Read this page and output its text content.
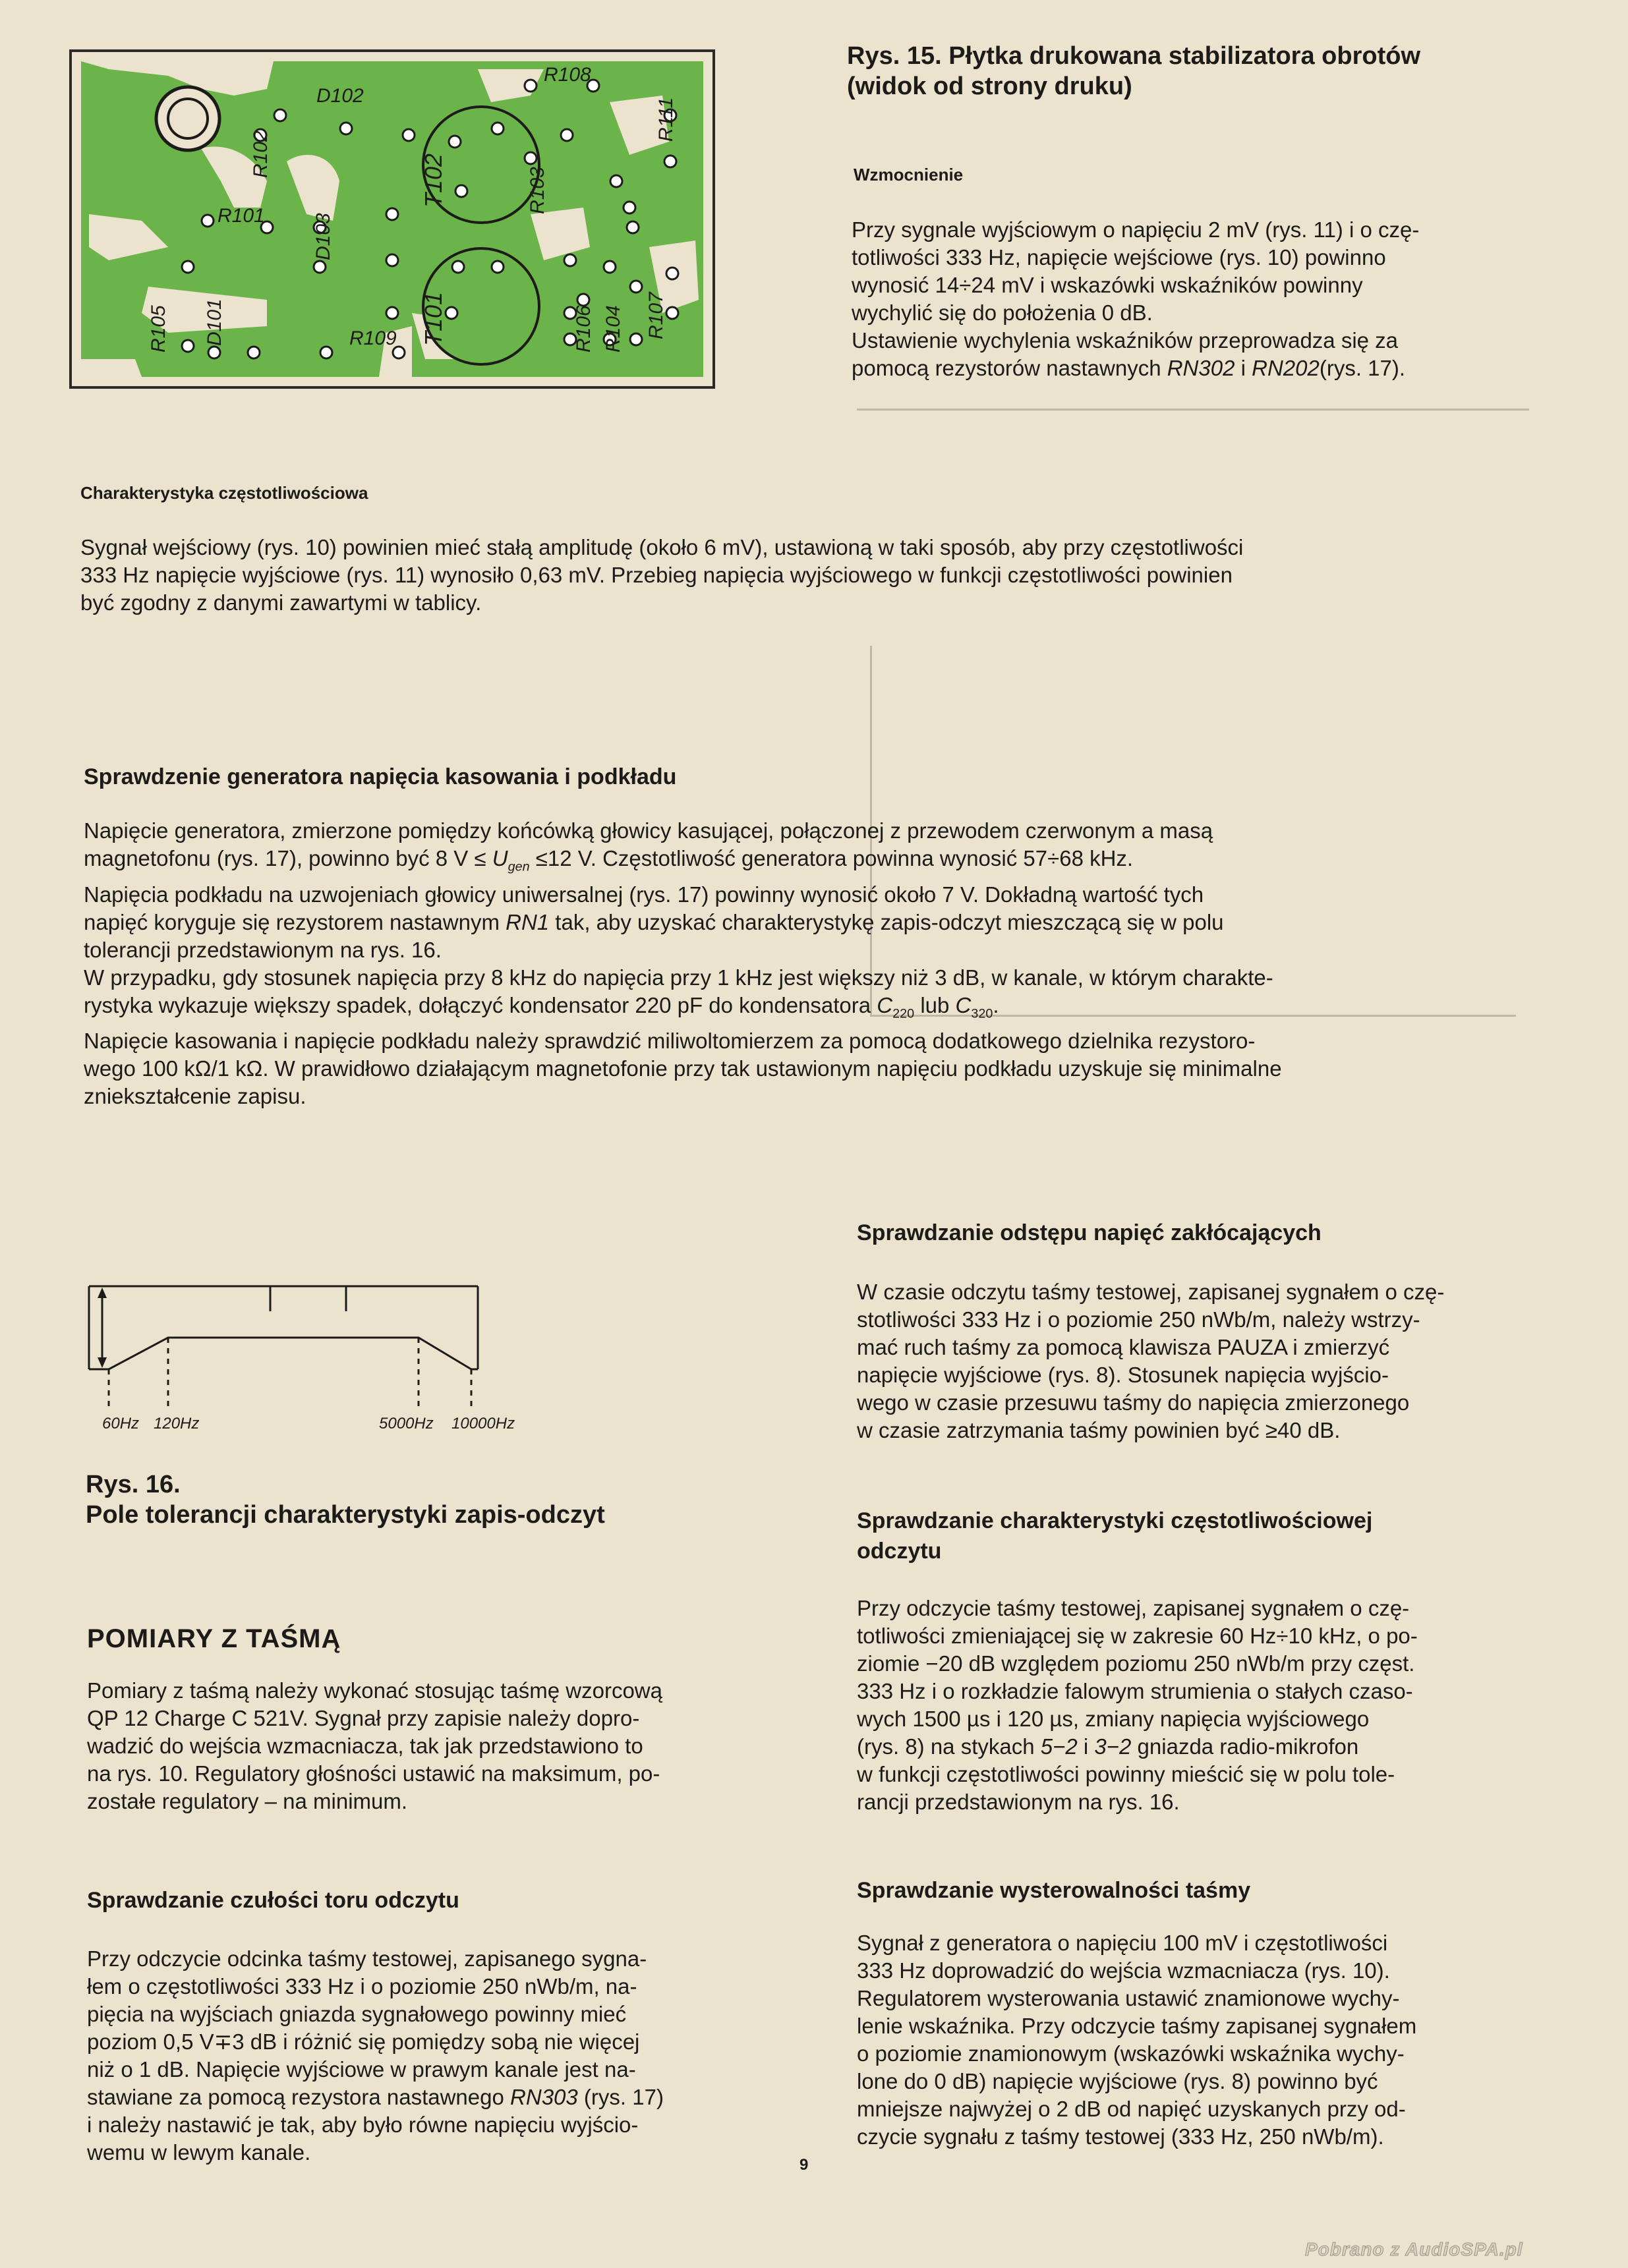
D102
R108
R102	T102
R111
R101 D103
R103
T101
R105 D101	R106 R104 R107
R109
Rys. 15. Płytka drukowana stabilizatora obrotów
(widok od strony druku)
Wzmocnienie

Przy sygnale wyjściowym o napięciu 2 mV (rys. 11) i o czę-

totliwości 333 Hz, napięcie wejściowe (rys. 10) powinno

wynosić 14÷24 mV i wskazówki wskaźników powinny

wychylić się do położenia 0 dB.

Ustawienie wychylenia wskaźników przeprowadza się za

pomocą rezystorów nastawnych RN302 i RN202(rys. 17).

Charakterystyka częstotliwościowa

Sygnał wejściowy (rys. 10) powinien mieć stałą amplitudę (około 6 mV), ustawioną w taki sposób, aby przy częstotliwości

333 Hz napięcie wyjściowe (rys. 11) wynosiło 0,63 mV. Przebieg napięcia wyjściowego w funkcji częstotliwości powinien

być zgodny z danymi zawartymi w tablicy.

Sprawdzenie generatora napięcia kasowania i podkładu

Napięcie generatora, zmierzone pomiędzy końcówką głowicy kasującej, połączonej z przewodem czerwonym a masą

magnetofonu (rys. 17), powinno być 8 $V \le U_{gen} \le 12$ V. Częstotliwość generatora powinna wynosić 57÷68 kHz.

Napięcia podkładu na uzwojeniach głowicy uniwersalnej (rys. 17) powinny wynosić około 7 V. Dokładną wartość tych

napięć koryguje się rezystorem nastawnym RN1 tak, aby uzyskać charakterystykę zapis-odczyt mieszczącą się w polu

tolerancji przedstawionym na rys. 16.

W przypadku, gdy stosunek napięcia przy 8 kHz do napięcia przy 1 kHz jest większy niż 3 dB, w kanale, w którym charakte-

rystyka wykazuje większy spadek, dołączyć kondensator 220 pF do kondensatora $C_{220}$ lub $C_{320}$.

Napięcie kasowania i napięcie podkładu należy sprawdzić miliwoltomierzem za pomocą dodatkowego dzielnika rezystoro-

wego 100 kΩ/1 kΩ. W prawidłowo działającym magnetofonie przy tak ustawionym napięciu podkładu uzyskuje się minimalne

zniekształcenie zapisu.

60Hz 120Hz	5000Hz 10000Hz
Rys. 16.
Pole tolerancji charakterystyki zapis-odczyt
POMIARY Z TAŚMĄ

Pomiary z taśmą należy wykonać stosując taśmę wzorcową

QP 12 Charge C 521V. Sygnał przy zapisie należy dopro-

wadzić do wejścia wzmacniacza, tak jak przedstawiono to

na rys. 10. Regulatory głośności ustawić na maksimum, po-

zostałe regulatory – na minimum.

Sprawdzanie czułości toru odczytu

Przy odczycie odcinka taśmy testowej, zapisanego sygna-

łem o częstotliwości 333 Hz i o poziomie 250 nWb/m, na-

pięcia na wyjściach gniazda sygnałowego powinny mieć

poziom 0,5 V∓3 dB i różnić się pomiędzy sobą nie więcej

niż o 1 dB. Napięcie wyjściowe w prawym kanale jest na-

stawiane za pomocą rezystora nastawnego RN303 (rys. 17)

i należy nastawić je tak, aby było równe napięciu wyjścio-

wemu w lewym kanale.

9
Sprawdzanie odstępu napięć zakłócających

W czasie odczytu taśmy testowej, zapisanej sygnałem o czę-

stotliwości 333 Hz i o poziomie 250 nWb/m, należy wstrzy-

mać ruch taśmy za pomocą klawisza PAUZA i zmierzyć

napięcie wyjściowe (rys. 8). Stosunek napięcia wyjścio-

wego w czasie przesuwu taśmy do napięcia zmierzonego

w czasie zatrzymania taśmy powinien być ≥40 dB.

Sprawdzanie charakterystyki częstotliwościowej
odczytu

Przy odczycie taśmy testowej, zapisanej sygnałem o czę-

totliwości zmieniającej się w zakresie 60 Hz÷10 kHz, o po-

ziomie −20 dB względem poziomu 250 nWb/m przy częst.

333 Hz i o rozkładzie falowym strumienia o stałych czaso-

wych 1500 µs i 120 µs, zmiany napięcia wyjściowego

(rys. 8) na stykach 5−2 i 3−2 gniazda radio-mikrofon

w funkcji częstotliwości powinny mieścić się w polu tole-

rancji przedstawionym na rys. 16.

Sprawdzanie wysterowalności taśmy

Sygnał z generatora o napięciu 100 mV i częstotliwości

333 Hz doprowadzić do wejścia wzmacniacza (rys. 10).

Regulatorem wysterowania ustawić znamionowe wychy-

lenie wskaźnika. Przy odczycie taśmy zapisanej sygnałem

o poziomie znamionowym (wskazówki wskaźnika wychy-

lone do 0 dB) napięcie wyjściowe (rys. 8) powinno być

mniejsze najwyżej o 2 dB od napięć uzyskanych przy od-

czycie sygnału z taśmy testowej (333 Hz, 250 nWb/m).

Pobrano z AudioSPA.pl
